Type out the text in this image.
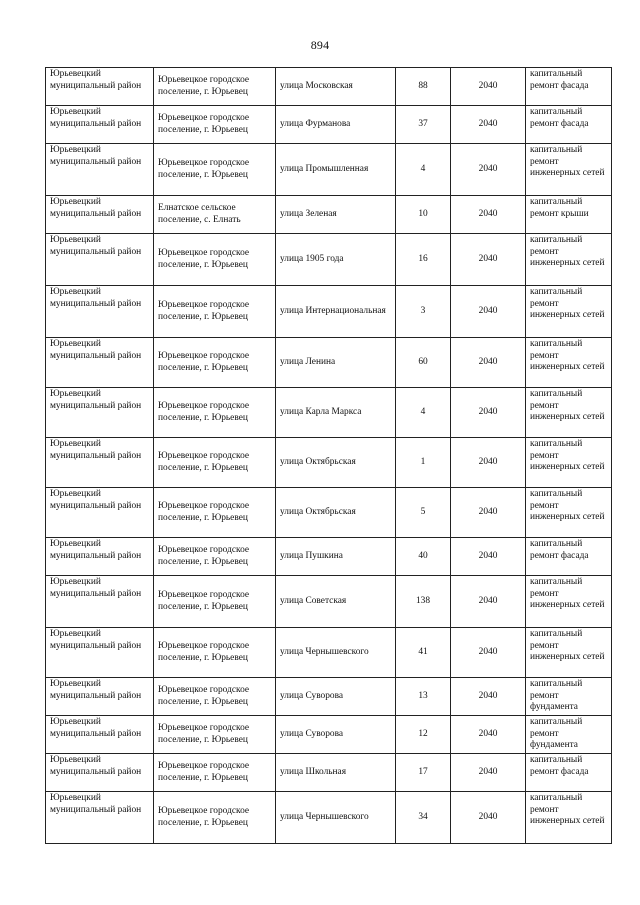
894
Юрьевецкий муниципальный район	Юрьевецкое городское поселение, г. Юрьевец	улица Московская	88	2040	капитальный ремонт фасада
Юрьевецкий муниципальный район	Юрьевецкое городское поселение, г. Юрьевец	улица Фурманова	37	2040	капитальный ремонт фасада
Юрьевецкий муниципальный район	Юрьевецкое городское поселение, г. Юрьевец	улица Промышленная	4	2040	капитальный ремонт инженерных сетей
Юрьевецкий муниципальный район	Елнатское сельское поселение, с. Елнать	улица Зеленая	10	2040	капитальный ремонт крыши
Юрьевецкий муниципальный район	Юрьевецкое городское поселение, г. Юрьевец	улица 1905 года	16	2040	капитальный ремонт инженерных сетей
Юрьевецкий муниципальный район	Юрьевецкое городское поселение, г. Юрьевец	улица Интернациональная	3	2040	капитальный ремонт инженерных сетей
Юрьевецкий муниципальный район	Юрьевецкое городское поселение, г. Юрьевец	улица Ленина	60	2040	капитальный ремонт инженерных сетей
Юрьевецкий муниципальный район	Юрьевецкое городское поселение, г. Юрьевец	улица Карла Маркса	4	2040	капитальный ремонт инженерных сетей
Юрьевецкий муниципальный район	Юрьевецкое городское поселение, г. Юрьевец	улица Октябрьская	1	2040	капитальный ремонт инженерных сетей
Юрьевецкий муниципальный район	Юрьевецкое городское поселение, г. Юрьевец	улица Октябрьская	5	2040	капитальный ремонт инженерных сетей
Юрьевецкий муниципальный район	Юрьевецкое городское поселение, г. Юрьевец	улица Пушкина	40	2040	капитальный ремонт фасада
Юрьевецкий муниципальный район	Юрьевецкое городское поселение, г. Юрьевец	улица Советская	138	2040	капитальный ремонт инженерных сетей
Юрьевецкий муниципальный район	Юрьевецкое городское поселение, г. Юрьевец	улица Чернышевского	41	2040	капитальный ремонт инженерных сетей
Юрьевецкий муниципальный район	Юрьевецкое городское поселение, г. Юрьевец	улица Суворова	13	2040	капитальный ремонт фундамента
Юрьевецкий муниципальный район	Юрьевецкое городское поселение, г. Юрьевец	улица Суворова	12	2040	капитальный ремонт фундамента
Юрьевецкий муниципальный район	Юрьевецкое городское поселение, г. Юрьевец	улица Школьная	17	2040	капитальный ремонт фасада
Юрьевецкий муниципальный район	Юрьевецкое городское поселение, г. Юрьевец	улица Чернышевского	34	2040	капитальный ремонт инженерных сетей
